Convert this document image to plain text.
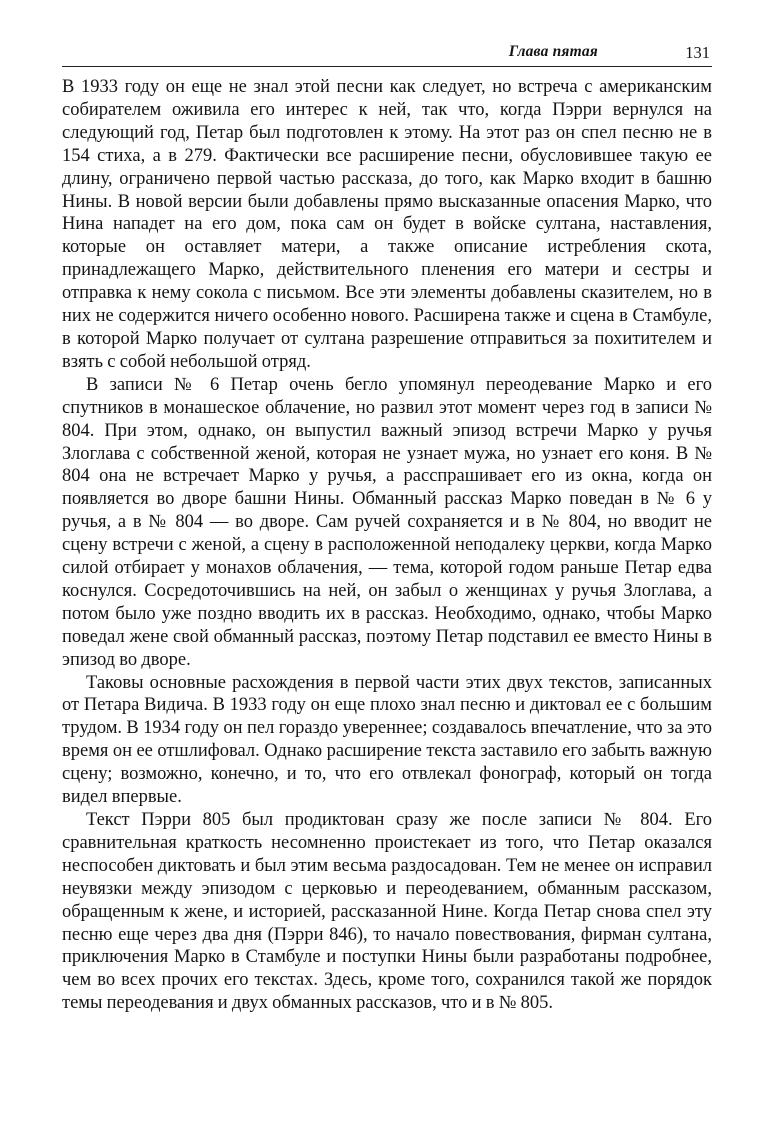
Глава пятая	131

В 1933 году он еще не знал этой песни как следует, но встреча с американским собирателем оживила его интерес к ней, так что, когда Пэрри вернулся на следующий год, Петар был подготовлен к этому. На этот раз он спел песню не в 154 стиха, а в 279. Фактически все расширение песни, обусловившее такую ее длину, ограничено первой частью рассказа, до того, как Марко входит в башню Нины. В новой версии были добавлены прямо высказанные опасения Марко, что Нина нападет на его дом, пока сам он будет в войске султана, наставления, которые он оставляет матери, а также описание истребления скота, принадлежащего Марко, действительного пленения его матери и сестры и отправка к нему сокола с письмом. Все эти элементы добавлены сказителем, но в них не содержится ничего особенно нового. Расширена также и сцена в Стамбуле, в которой Марко получает от султана разрешение отправиться за похитителем и взять с собой небольшой отряд.

В записи № 6 Петар очень бегло упомянул переодевание Марко и его спутников в монашеское облачение, но развил этот момент через год в записи № 804. При этом, однако, он выпустил важный эпизод встречи Марко у ручья Злоглава с собственной женой, которая не узнает мужа, но узнает его коня. В № 804 она не встречает Марко у ручья, а расспрашивает его из окна, когда он появляется во дворе башни Нины. Обманный рассказ Марко поведан в № 6 у ручья, а в № 804 — во дворе. Сам ручей сохраняется и в № 804, но вводит не сцену встречи с женой, а сцену в расположенной неподалеку церкви, когда Марко силой отбирает у монахов облачения, — тема, которой годом раньше Петар едва коснулся. Сосредоточившись на ней, он забыл о женщинах у ручья Злоглава, а потом было уже поздно вводить их в рассказ. Необходимо, однако, чтобы Марко поведал жене свой обманный рассказ, поэтому Петар подставил ее вместо Нины в эпизод во дворе.

Таковы основные расхождения в первой части этих двух текстов, записанных от Петара Видича. В 1933 году он еще плохо знал песню и диктовал ее с большим трудом. В 1934 году он пел гораздо увереннее; создавалось впечатление, что за это время он ее отшлифовал. Однако расширение текста заставило его забыть важную сцену; возможно, конечно, и то, что его отвлекал фонограф, который он тогда видел впервые.

Текст Пэрри 805 был продиктован сразу же после записи № 804. Его сравнительная краткость несомненно проистекает из того, что Петар оказался неспособен диктовать и был этим весьма раздосадован. Тем не менее он исправил неувязки между эпизодом с церковью и переодеванием, обманным рассказом, обращенным к жене, и историей, рассказанной Нине. Когда Петар снова спел эту песню еще через два дня (Пэрри 846), то начало повествования, фирман султана, приключения Марко в Стамбуле и поступки Нины были разработаны подробнее, чем во всех прочих его текстах. Здесь, кроме того, сохранился такой же порядок темы переодевания и двух обманных рассказов, что и в № 805.
